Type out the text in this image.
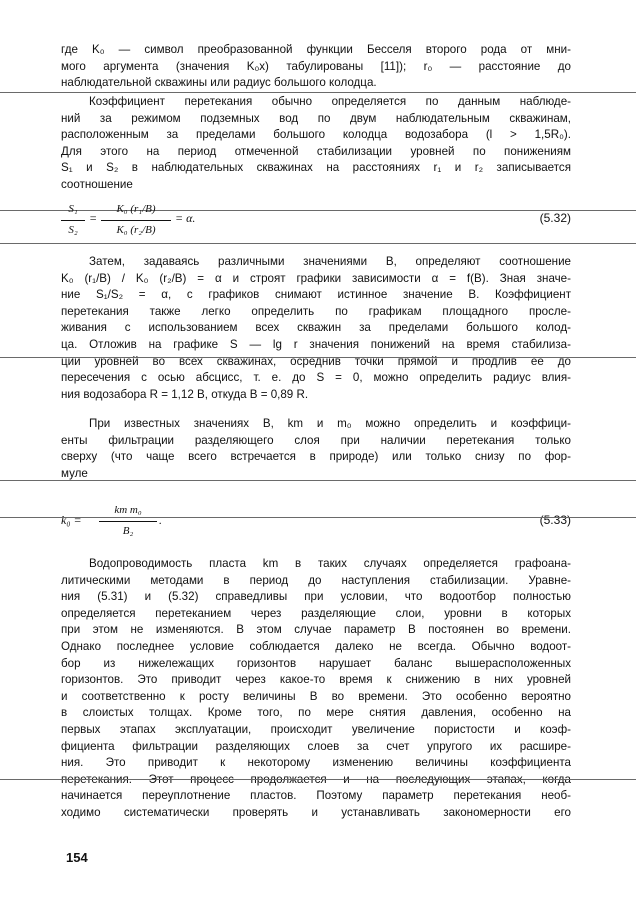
где K₀ — символ преобразованной функции Бесселя второго рода от мни-
мого аргумента (значения K₀x) табулированы [11]); r₀ — расстояние до
наблюдательной скважины или радиус большого колодца.
Коэффициент перетекания обычно определяется по данным наблюде-
ний за режимом подземных вод по двум наблюдательным скважинам,
расположенным за пределами большого колодца водозабора (l > 1,5R₀).
Для этого на период отмеченной стабилизации уровней по понижениям
S₁ и S₂ в наблюдательных скважинах на расстояниях r₁ и r₂ записывается
соотношение
S₁
S₂
=
K₀ (r₁/B)
K₀ (r₂/B)
= α.	(5.32)
Затем, задаваясь различными значениями B, определяют соотношение
K₀ (r₁/B) / K₀ (r₂/B) = α и строят графики зависимости α = f(B). Зная значе-
ние S₁/S₂ = α, с графиков снимают истинное значение B. Коэффициент
перетекания также легко определить по графикам площадного просле-
живания с использованием всех скважин за пределами большого колод-
ца. Отложив на графике S — lg r значения понижений на время стабилиза-
ции уровней во всех скважинах, осреднив точки прямой и продлив ее до
пересечения с осью абсцисс, т. е. до S = 0, можно определить радиус влия-
ния водозабора R = 1,12 B, откуда B = 0,89 R.
При известных значениях B, km и m₀ можно определить и коэффици-
енты фильтрации разделяющего слоя при наличии перетекания только
сверху (что чаще всего встречается в природе) или только снизу по фор-
муле
k₀ =
km m₀
B₂
.	(5.33)
Водопроводимость пласта km в таких случаях определяется графоана-
литическими методами в период до наступления стабилизации. Уравне-
ния (5.31) и (5.32) справедливы при условии, что водоотбор полностью
определяется перетеканием через разделяющие слои, уровни в которых
при этом не изменяются. В этом случае параметр B постоянен во времени.
Однако последнее условие соблюдается далеко не всегда. Обычно водоот-
бор из нижележащих горизонтов нарушает баланс вышерасположенных
горизонтов. Это приводит через какое-то время к снижению в них уровней
и соответственно к росту величины B во времени. Это особенно вероятно
в слоистых толщах. Кроме того, по мере снятия давления, особенно на
первых этапах эксплуатации, происходит увеличение пористости и коэф-
фициента фильтрации разделяющих слоев за счет упругого их расшире-
ния. Это приводит к некоторому изменению величины коэффициента
перетекания. Этот процесс продолжается и на последующих этапах, когда
начинается переуплотнение пластов. Поэтому параметр перетекания необ-
ходимо систематически проверять и устанавливать закономерности его
154
